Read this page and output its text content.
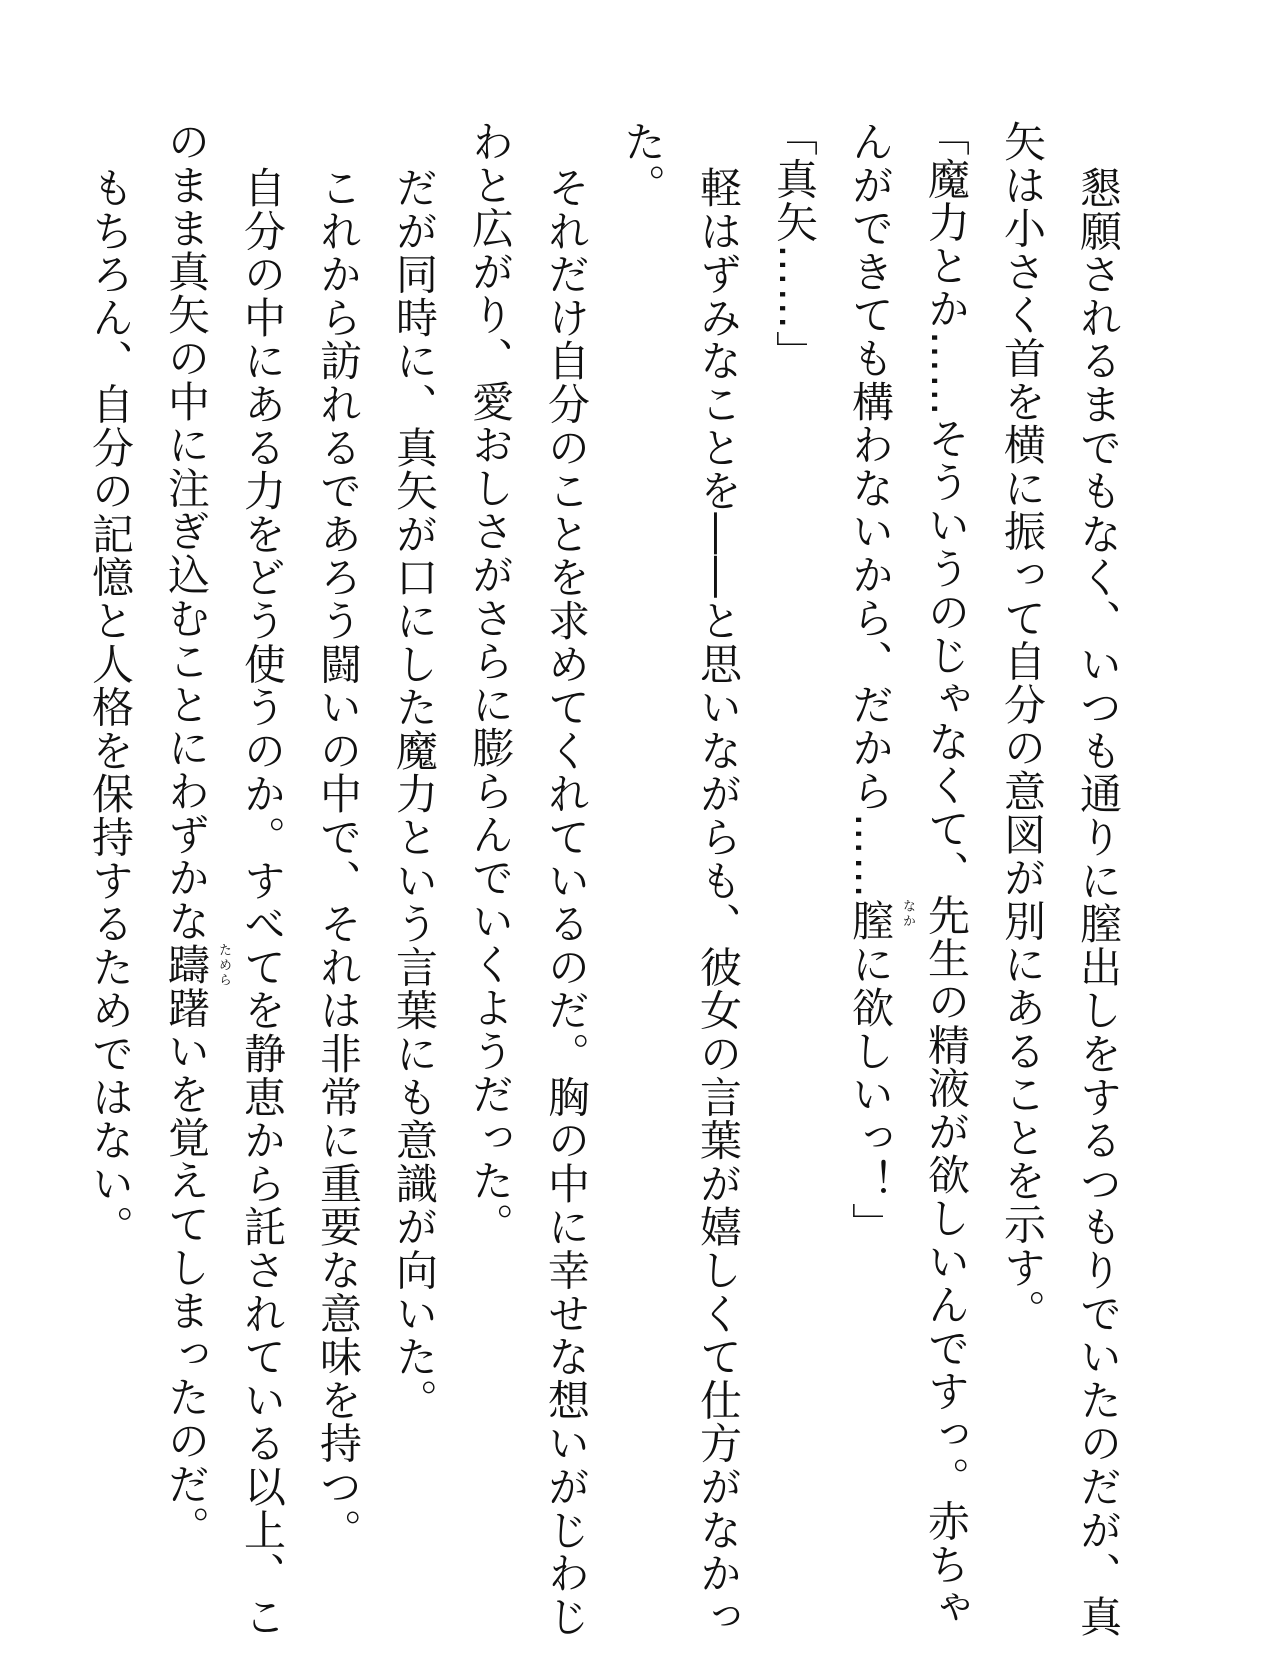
懇願されるまでもなく、いつも通りに膣出しをするつもりでいたのだが、真
矢は小さく首を横に振って自分の意図が別にあることを示す。
「魔力とか……そういうのじゃなくて、先生の精液が欲しいんですっ。赤ちゃ
んができても構わないから、だから……膣 なか
に欲しいっ！」
「真矢……」
軽はずみなことを――と思いながらも、彼女の言葉が嬉しくて仕方がなかっ
た。
それだけ自分のことを求めてくれているのだ。胸の中に幸せな想いがじわじ
わと広がり、愛おしさがさらに膨らんでいくようだった。
だが同時に、真矢が口にした魔力という言葉にも意識が向いた。
これから訪れるであろう闘いの中で、それは非常に重要な意味を持つ。
自分の中にある力をどう使うのか。すべてを静恵から託されている以上、こ
のまま真矢の中に注ぎ込むことにわずかな躊躇 ためら
いを覚えてしまったのだ。
もちろん、自分の記憶と人格を保持するためではない。
